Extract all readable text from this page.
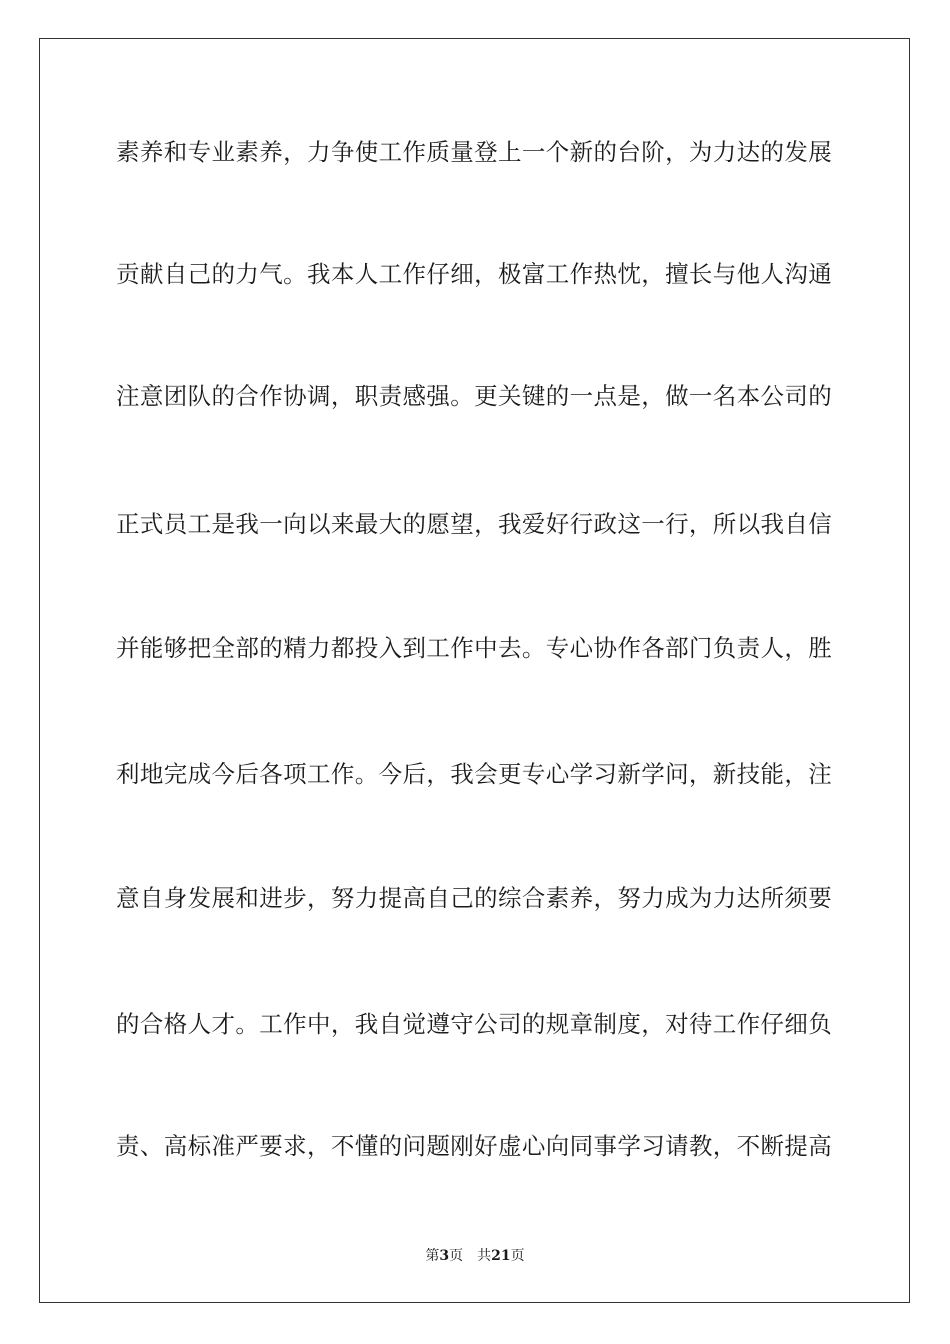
素养和专业素养，力争使工作质量登上一个新的台阶，为力达的发展
贡献自己的力气。我本人工作仔细，极富工作热忱，擅长与他人沟通
注意团队的合作协调，职责感强。更关键的一点是，做一名本公司的
正式员工是我一向以来最大的愿望，我爱好行政这一行，所以我自信
并能够把全部的精力都投入到工作中去。专心协作各部门负责人，胜
利地完成今后各项工作。今后，我会更专心学习新学问，新技能，注
意自身发展和进步，努力提高自己的综合素养，努力成为力达所须要
的合格人才。工作中，我自觉遵守公司的规章制度，对待工作仔细负
责、高标准严要求，不懂的问题刚好虚心向同事学习请教，不断提高
第3页 共21页
